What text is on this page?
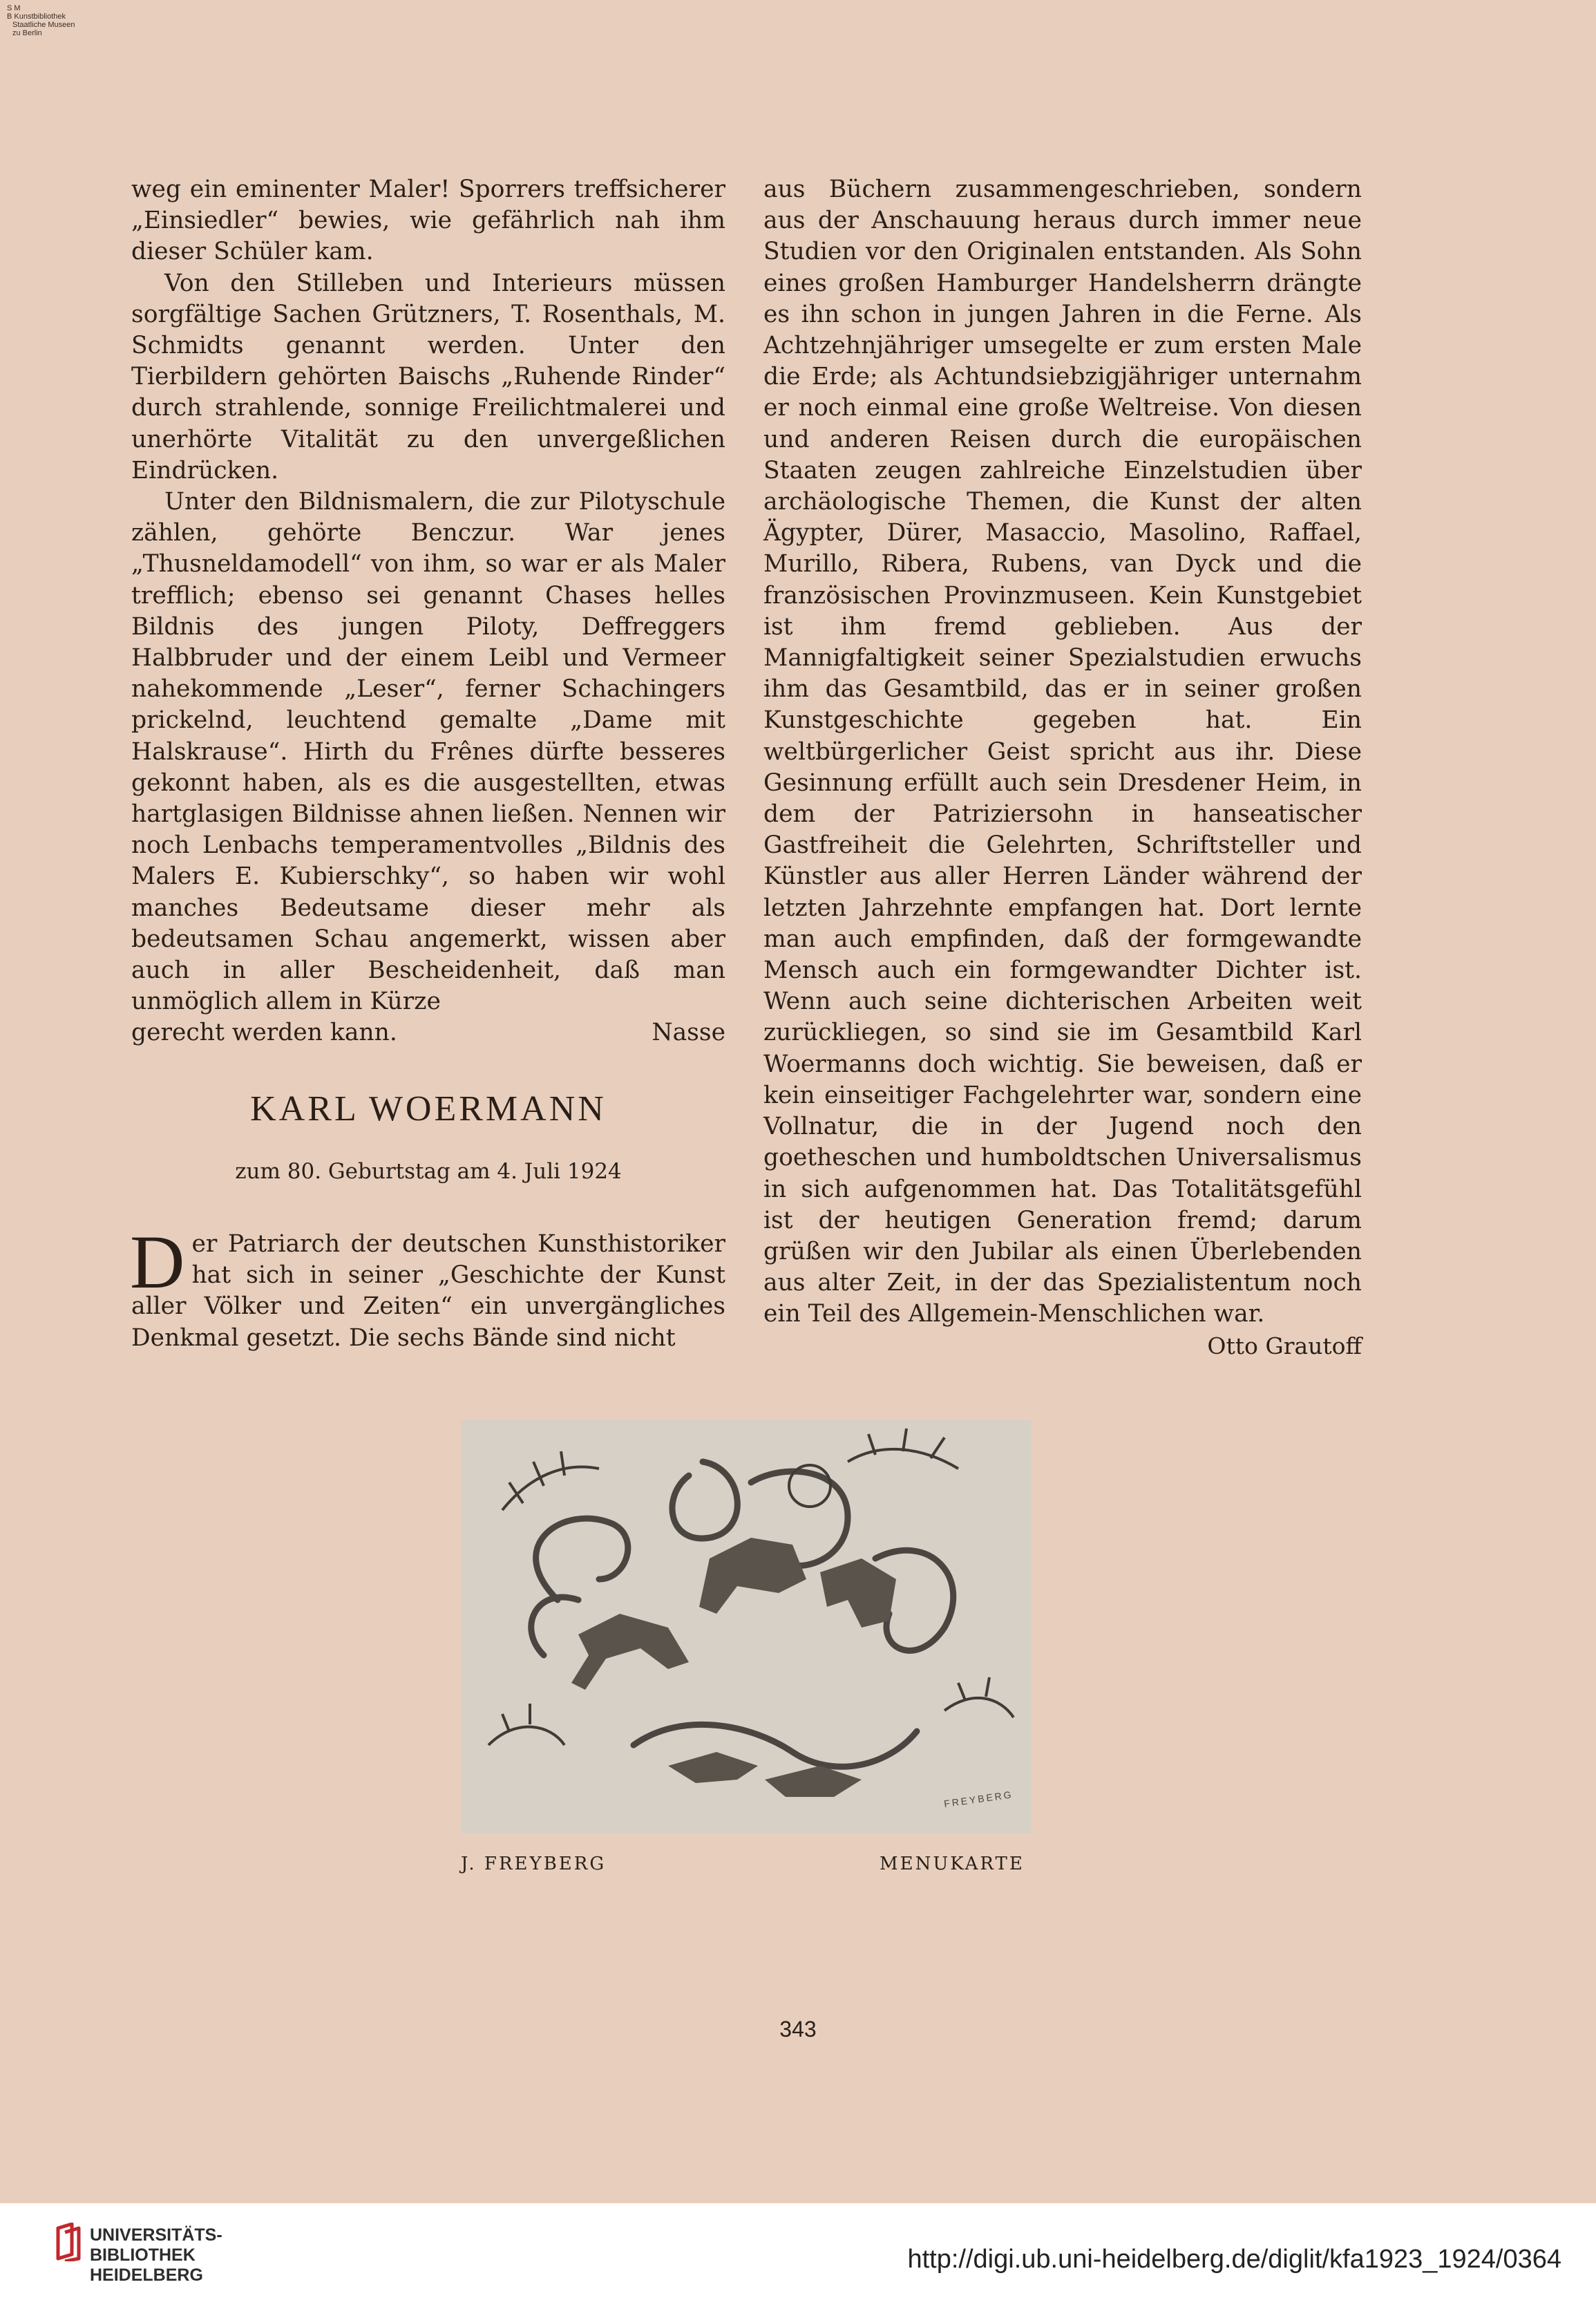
S M
B Kunstbibliothek
Staatliche Museen
zu Berlin

weg ein eminenter Maler! Sporrers treffsicherer „Einsiedler“ bewies, wie gefährlich nah ihm dieser Schüler kam.

Von den Stilleben und Interieurs müssen sorgfältige Sachen Grützners, T. Rosenthals, M. Schmidts genannt werden. Unter den Tierbildern gehörten Baischs „Ruhende Rinder“ durch strahlende, sonnige Freilichtmalerei und unerhörte Vitalität zu den unvergeßlichen Eindrücken.

Unter den Bildnismalern, die zur Pilotyschule zählen, gehörte Benczur. War jenes „Thusneldamodell“ von ihm, so war er als Maler trefflich; ebenso sei genannt Chases helles Bildnis des jungen Piloty, Deffreggers Halbbruder und der einem Leibl und Vermeer nahekommende „Leser“, ferner Schachingers prickelnd, leuchtend gemalte „Dame mit Halskrause“. Hirth du Frênes dürfte besseres gekonnt haben, als es die ausgestellten, etwas hartglasigen Bildnisse ahnen ließen. Nennen wir noch Lenbachs temperamentvolles „Bildnis des Malers E. Kubierschky“, so haben wir wohl manches Bedeutsame dieser mehr als bedeutsamen Schau angemerkt, wissen aber auch in aller Bescheidenheit, daß man unmöglich allem in Kürze

gerecht werden kann.	Nasse
KARL WOERMANN
zum 80. Geburtstag am 4. Juli 1924
D er Patriarch der deutschen Kunsthistoriker hat sich in seiner „Geschichte der Kunst aller Völker und Zeiten“ ein unvergängliches Denkmal gesetzt. Die sechs Bände sind nicht

aus Büchern zusammengeschrieben, sondern aus der Anschauung heraus durch immer neue Studien vor den Originalen entstanden. Als Sohn eines großen Hamburger Handelsherrn drängte es ihn schon in jungen Jahren in die Ferne. Als Achtzehnjähriger umsegelte er zum ersten Male die Erde; als Achtundsiebzigjähriger unternahm er noch einmal eine große Weltreise. Von diesen und anderen Reisen durch die europäischen Staaten zeugen zahlreiche Einzelstudien über archäologische Themen, die Kunst der alten Ägypter, Dürer, Masaccio, Masolino, Raffael, Murillo, Ribera, Rubens, van Dyck und die französischen Provinzmuseen. Kein Kunstgebiet ist ihm fremd geblieben. Aus der Mannigfaltigkeit seiner Spezialstudien erwuchs ihm das Gesamtbild, das er in seiner großen Kunstgeschichte gegeben hat. Ein weltbürgerlicher Geist spricht aus ihr. Diese Gesinnung erfüllt auch sein Dresdener Heim, in dem der Patriziersohn in hanseatischer Gastfreiheit die Gelehrten, Schriftsteller und Künstler aus aller Herren Länder während der letzten Jahrzehnte empfangen hat. Dort lernte man auch empfinden, daß der formgewandte Mensch auch ein formgewandter Dichter ist. Wenn auch seine dichterischen Arbeiten weit zurückliegen, so sind sie im Gesamtbild Karl Woermanns doch wichtig. Sie beweisen, daß er kein einseitiger Fachgelehrter war, sondern eine Vollnatur, die in der Jugend noch den goetheschen und humboldtschen Universalismus in sich aufgenommen hat. Das Totalitätsgefühl ist der heutigen Generation fremd; darum grüßen wir den Jubilar als einen Überlebenden aus alter Zeit, in der das Spezialistentum noch ein Teil des Allgemein-Menschlichen war.

Otto Grautoff
FREYBERG
J. FREYBERG	MENUKARTE
343
UNIVERSITÄTS-
BIBLIOTHEK
HEIDELBERG
http://digi.ub.uni-heidelberg.de/diglit/kfa1923_1924/0364
